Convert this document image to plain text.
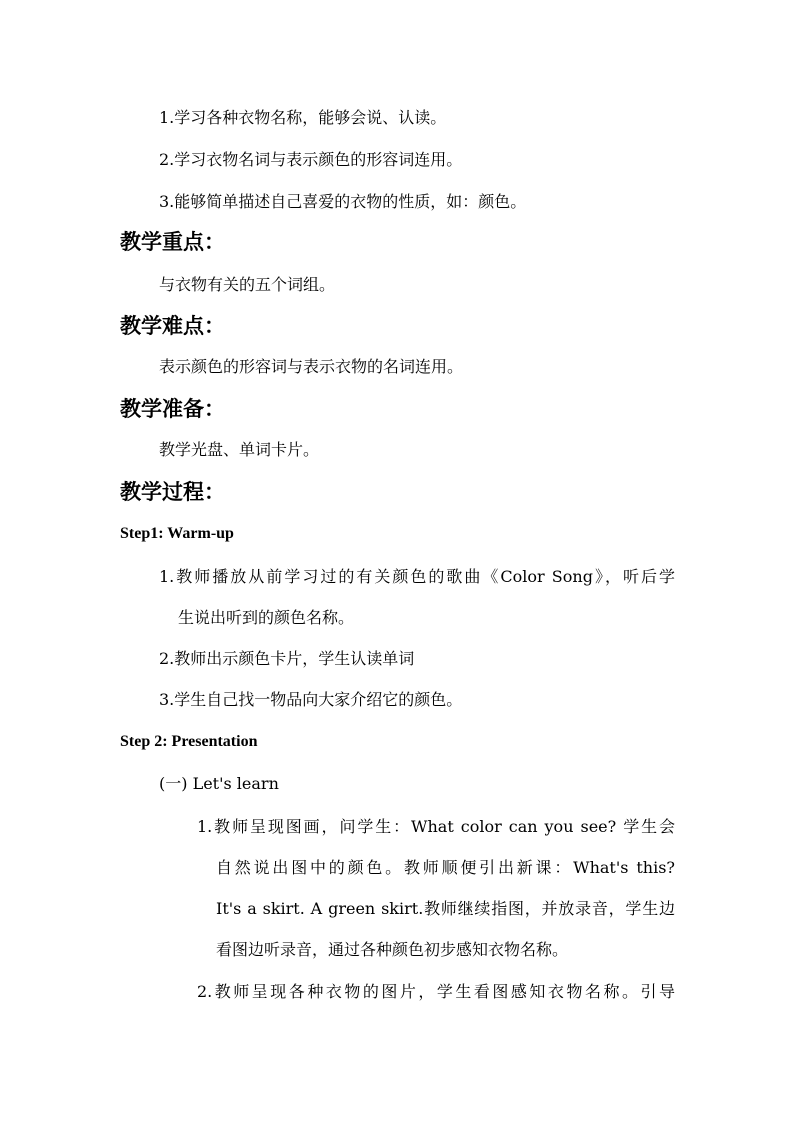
1.学习各种衣物名称，能够会说、认读。
2.学习衣物名词与表示颜色的形容词连用。
3.能够简单描述自己喜爱的衣物的性质，如：颜色。
教学重点：
与衣物有关的五个词组。
教学难点：
表示颜色的形容词与表示衣物的名词连用。
教学准备：
教学光盘、单词卡片。
教学过程：
Step1: Warm-up
1.教师播放从前学习过的有关颜色的歌曲《Color Song》，听后学
生说出听到的颜色名称。
2.教师出示颜色卡片，学生认读单词
3.学生自己找一物品向大家介绍它的颜色。
Step 2: Presentation
(一) Let's learn
1.教师呈现图画，问学生：What color can you see? 学生会
自然说出图中的颜色。教师顺便引出新课：What's this?
It's a skirt. A green skirt.教师继续指图，并放录音，学生边
看图边听录音，通过各种颜色初步感知衣物名称。
2.教师呈现各种衣物的图片，学生看图感知衣物名称。引导
